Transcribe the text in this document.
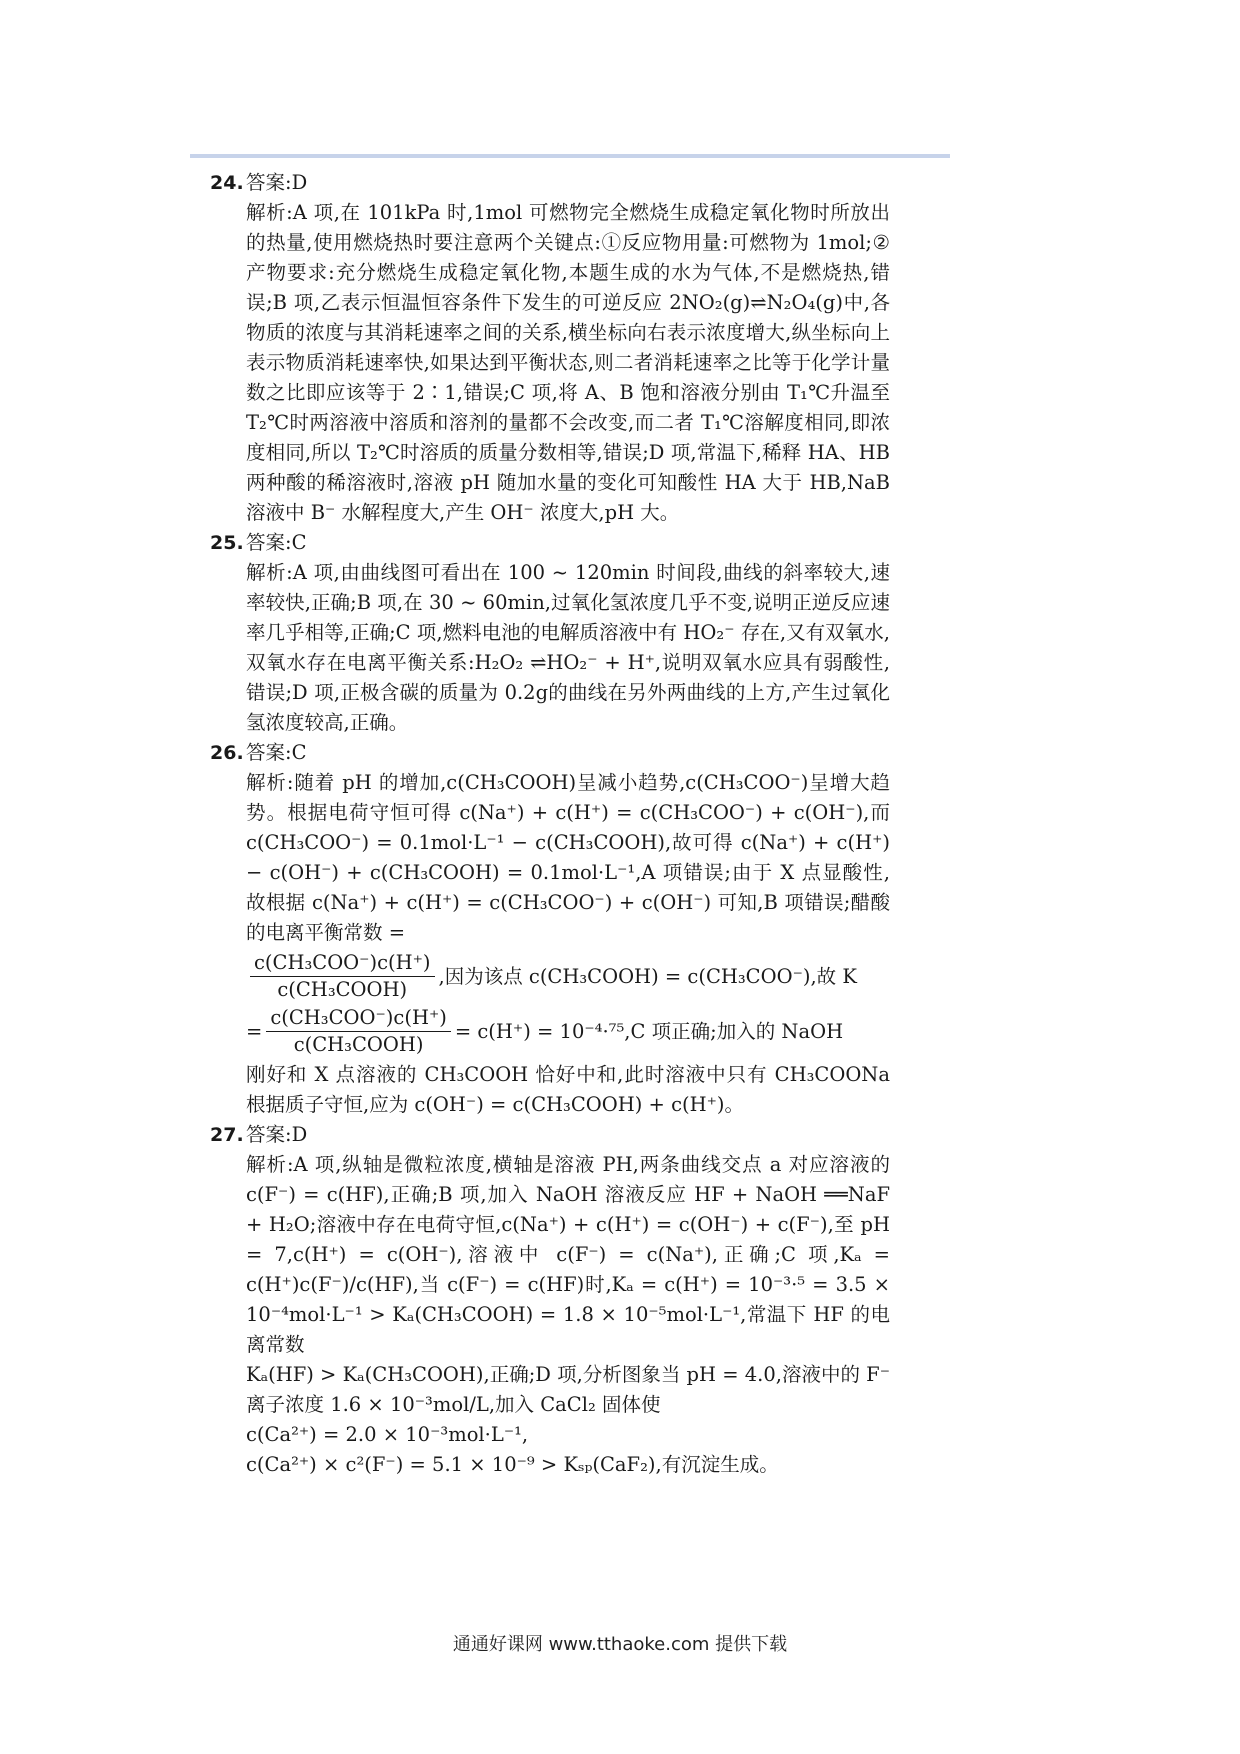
24. 答案:D

解析:A 项,在 101kPa 时,1mol 可燃物完全燃烧生成稳定氧化物时所放出的热量,使用燃烧热时要注意两个关键点:①反应物用量:可燃物为 1mol;②产物要求:充分燃烧生成稳定氧化物,本题生成的水为气体,不是燃烧热,错误;B 项,乙表示恒温恒容条件下发生的可逆反应 2NO₂(g)⇌N₂O₄(g)中,各物质的浓度与其消耗速率之间的关系,横坐标向右表示浓度增大,纵坐标向上表示物质消耗速率快,如果达到平衡状态,则二者消耗速率之比等于化学计量数之比即应该等于 2∶1,错误;C 项,将 A、B 饱和溶液分别由 T₁℃升温至 T₂℃时两溶液中溶质和溶剂的量都不会改变,而二者 T₁℃溶解度相同,即浓度相同,所以 T₂℃时溶质的质量分数相等,错误;D 项,常温下,稀释 HA、HB 两种酸的稀溶液时,溶液 pH 随加水量的变化可知酸性 HA 大于 HB,NaB 溶液中 B⁻ 水解程度大,产生 OH⁻ 浓度大,pH 大。

25. 答案:C

解析:A 项,由曲线图可看出在 100 ~ 120min 时间段,曲线的斜率较大,速率较快,正确;B 项,在 30 ~ 60min,过氧化氢浓度几乎不变,说明正逆反应速率几乎相等,正确;C 项,燃料电池的电解质溶液中有 HO₂⁻ 存在,又有双氧水,双氧水存在电离平衡关系:H₂O₂ ⇌HO₂⁻ + H⁺,说明双氧水应具有弱酸性,错误;D 项,正极含碳的质量为 0.2g的曲线在另外两曲线的上方,产生过氧化氢浓度较高,正确。

26. 答案:C

解析:随着 pH 的增加,c(CH₃COOH)呈减小趋势,c(CH₃COO⁻)呈增大趋势。根据电荷守恒可得 c(Na⁺) + c(H⁺) = c(CH₃COO⁻) + c(OH⁻),而 c(CH₃COO⁻) = 0.1mol·L⁻¹ − c(CH₃COOH),故可得 c(Na⁺) + c(H⁺) − c(OH⁻) + c(CH₃COOH) = 0.1mol·L⁻¹,A 项错误;由于 X 点显酸性,故根据 c(Na⁺) + c(H⁺) = c(CH₃COO⁻) + c(OH⁻) 可知,B 项错误;醋酸的电离平衡常数 =

$\frac{\text{c(CH₃COO⁻)c(H⁺)}}{\text{c(CH₃COOH)}}$ ,因为该点 c(CH₃COOH) = c(CH₃COO⁻),故 K
= $\frac{\text{c(CH₃COO⁻)c(H⁺)}}{\text{c(CH₃COOH)}} = c(H^+) = 10^{-4}\cdot^{75},C$ 项正确;加入的 NaOH

刚好和 X 点溶液的 CH₃COOH 恰好中和,此时溶液中只有 CH₃COONa 根据质子守恒,应为 c(OH⁻) = c(CH₃COOH) + c(H⁺)。

27. 答案:D

解析:A 项,纵轴是微粒浓度,横轴是溶液 PH,两条曲线交点 a 对应溶液的 c(F⁻) = c(HF),正确;B 项,加入 NaOH 溶液反应 HF + NaOH ══NaF + H₂O;溶液中存在电荷守恒,c(Na⁺) + c(H⁺) = c(OH⁻) + c(F⁻),至 pH = 7,c(H⁺) = c(OH⁻),溶液中 c(F⁻) = c(Na⁺),正确;C 项,Kₐ = c(H⁺)c(F⁻)/c(HF),当 c(F⁻) = c(HF)时,Kₐ = c(H⁺) = 10⁻³·⁵ = 3.5 × 10⁻⁴mol·L⁻¹ > Kₐ(CH₃COOH) = 1.8 × 10⁻⁵mol·L⁻¹,常温下 HF 的电离常数

Kₐ(HF) > Kₐ(CH₃COOH),正确;D 项,分析图象当 pH = 4.0,溶液中的 F⁻ 离子浓度 1.6 × 10⁻³mol/L,加入 CaCl₂ 固体使

c(Ca²⁺) = 2.0 × 10⁻³mol·L⁻¹,

c(Ca²⁺) × c²(F⁻) = 5.1 × 10⁻⁹ > Kₛₚ(CaF₂),有沉淀生成。

通通好课网 www.tthaoke.com 提供下载
